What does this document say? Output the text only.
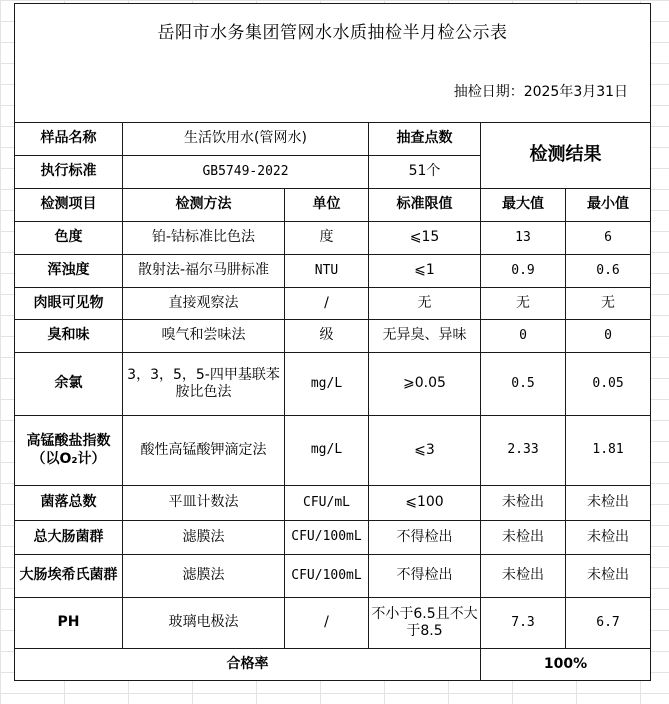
岳阳市水务集团管网水水质抽检半月检公示表					
抽检日期：2025年3月31日					
样品名称	生活饮用水(管网水)		抽查点数	检测结果	
执行标准	GB5749-2022		51个		
检测项目	检测方法	单位	标准限值	最大值	最小值
色度	铂-钴标准比色法	度	⩽15	13	6
浑浊度	散射法-福尔马肼标准	NTU	⩽1	0.9	0.6
肉眼可见物	直接观察法	/	无	无	无
臭和味	嗅气和尝味法	级	无异臭、异味	0	0
余氯	3，3，5，5-四甲基联苯胺比色法	mg/L	⩾0.05	0.5	0.05
高锰酸盐指数（以O₂计）	酸性高锰酸钾滴定法	mg/L	⩽3	2.33	1.81
菌落总数	平皿计数法	CFU/mL	⩽100	未检出	未检出
总大肠菌群	滤膜法	CFU/100mL	不得检出	未检出	未检出
大肠埃希氏菌群	滤膜法	CFU/100mL	不得检出	未检出	未检出
PH	玻璃电极法	/	不小于6.5且不大于8.5	7.3	6.7
合格率				100%	
